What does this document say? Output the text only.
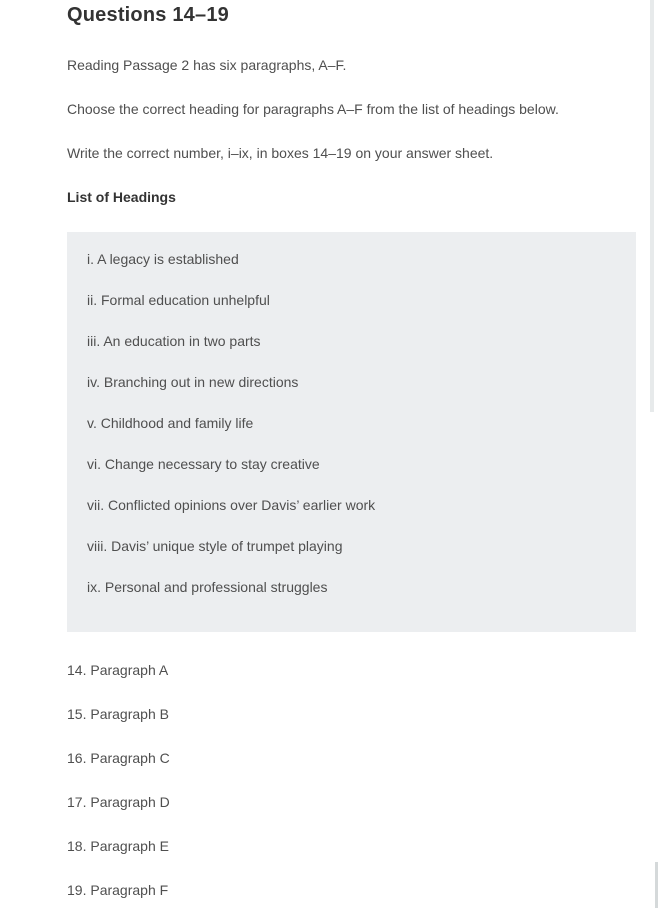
Questions 14–19

Reading Passage 2 has six paragraphs, A–F.

Choose the correct heading for paragraphs A–F from the list of headings below.

Write the correct number, i–ix, in boxes 14–19 on your answer sheet.

List of Headings
i. A legacy is established
ii. Formal education unhelpful
iii. An education in two parts
iv. Branching out in new directions
v. Childhood and family life
vi. Change necessary to stay creative
vii. Conflicted opinions over Davis’ earlier work
viii. Davis’ unique style of trumpet playing
ix. Personal and professional struggles
14. Paragraph A
15. Paragraph B
16. Paragraph C
17. Paragraph D
18. Paragraph E
19. Paragraph F
